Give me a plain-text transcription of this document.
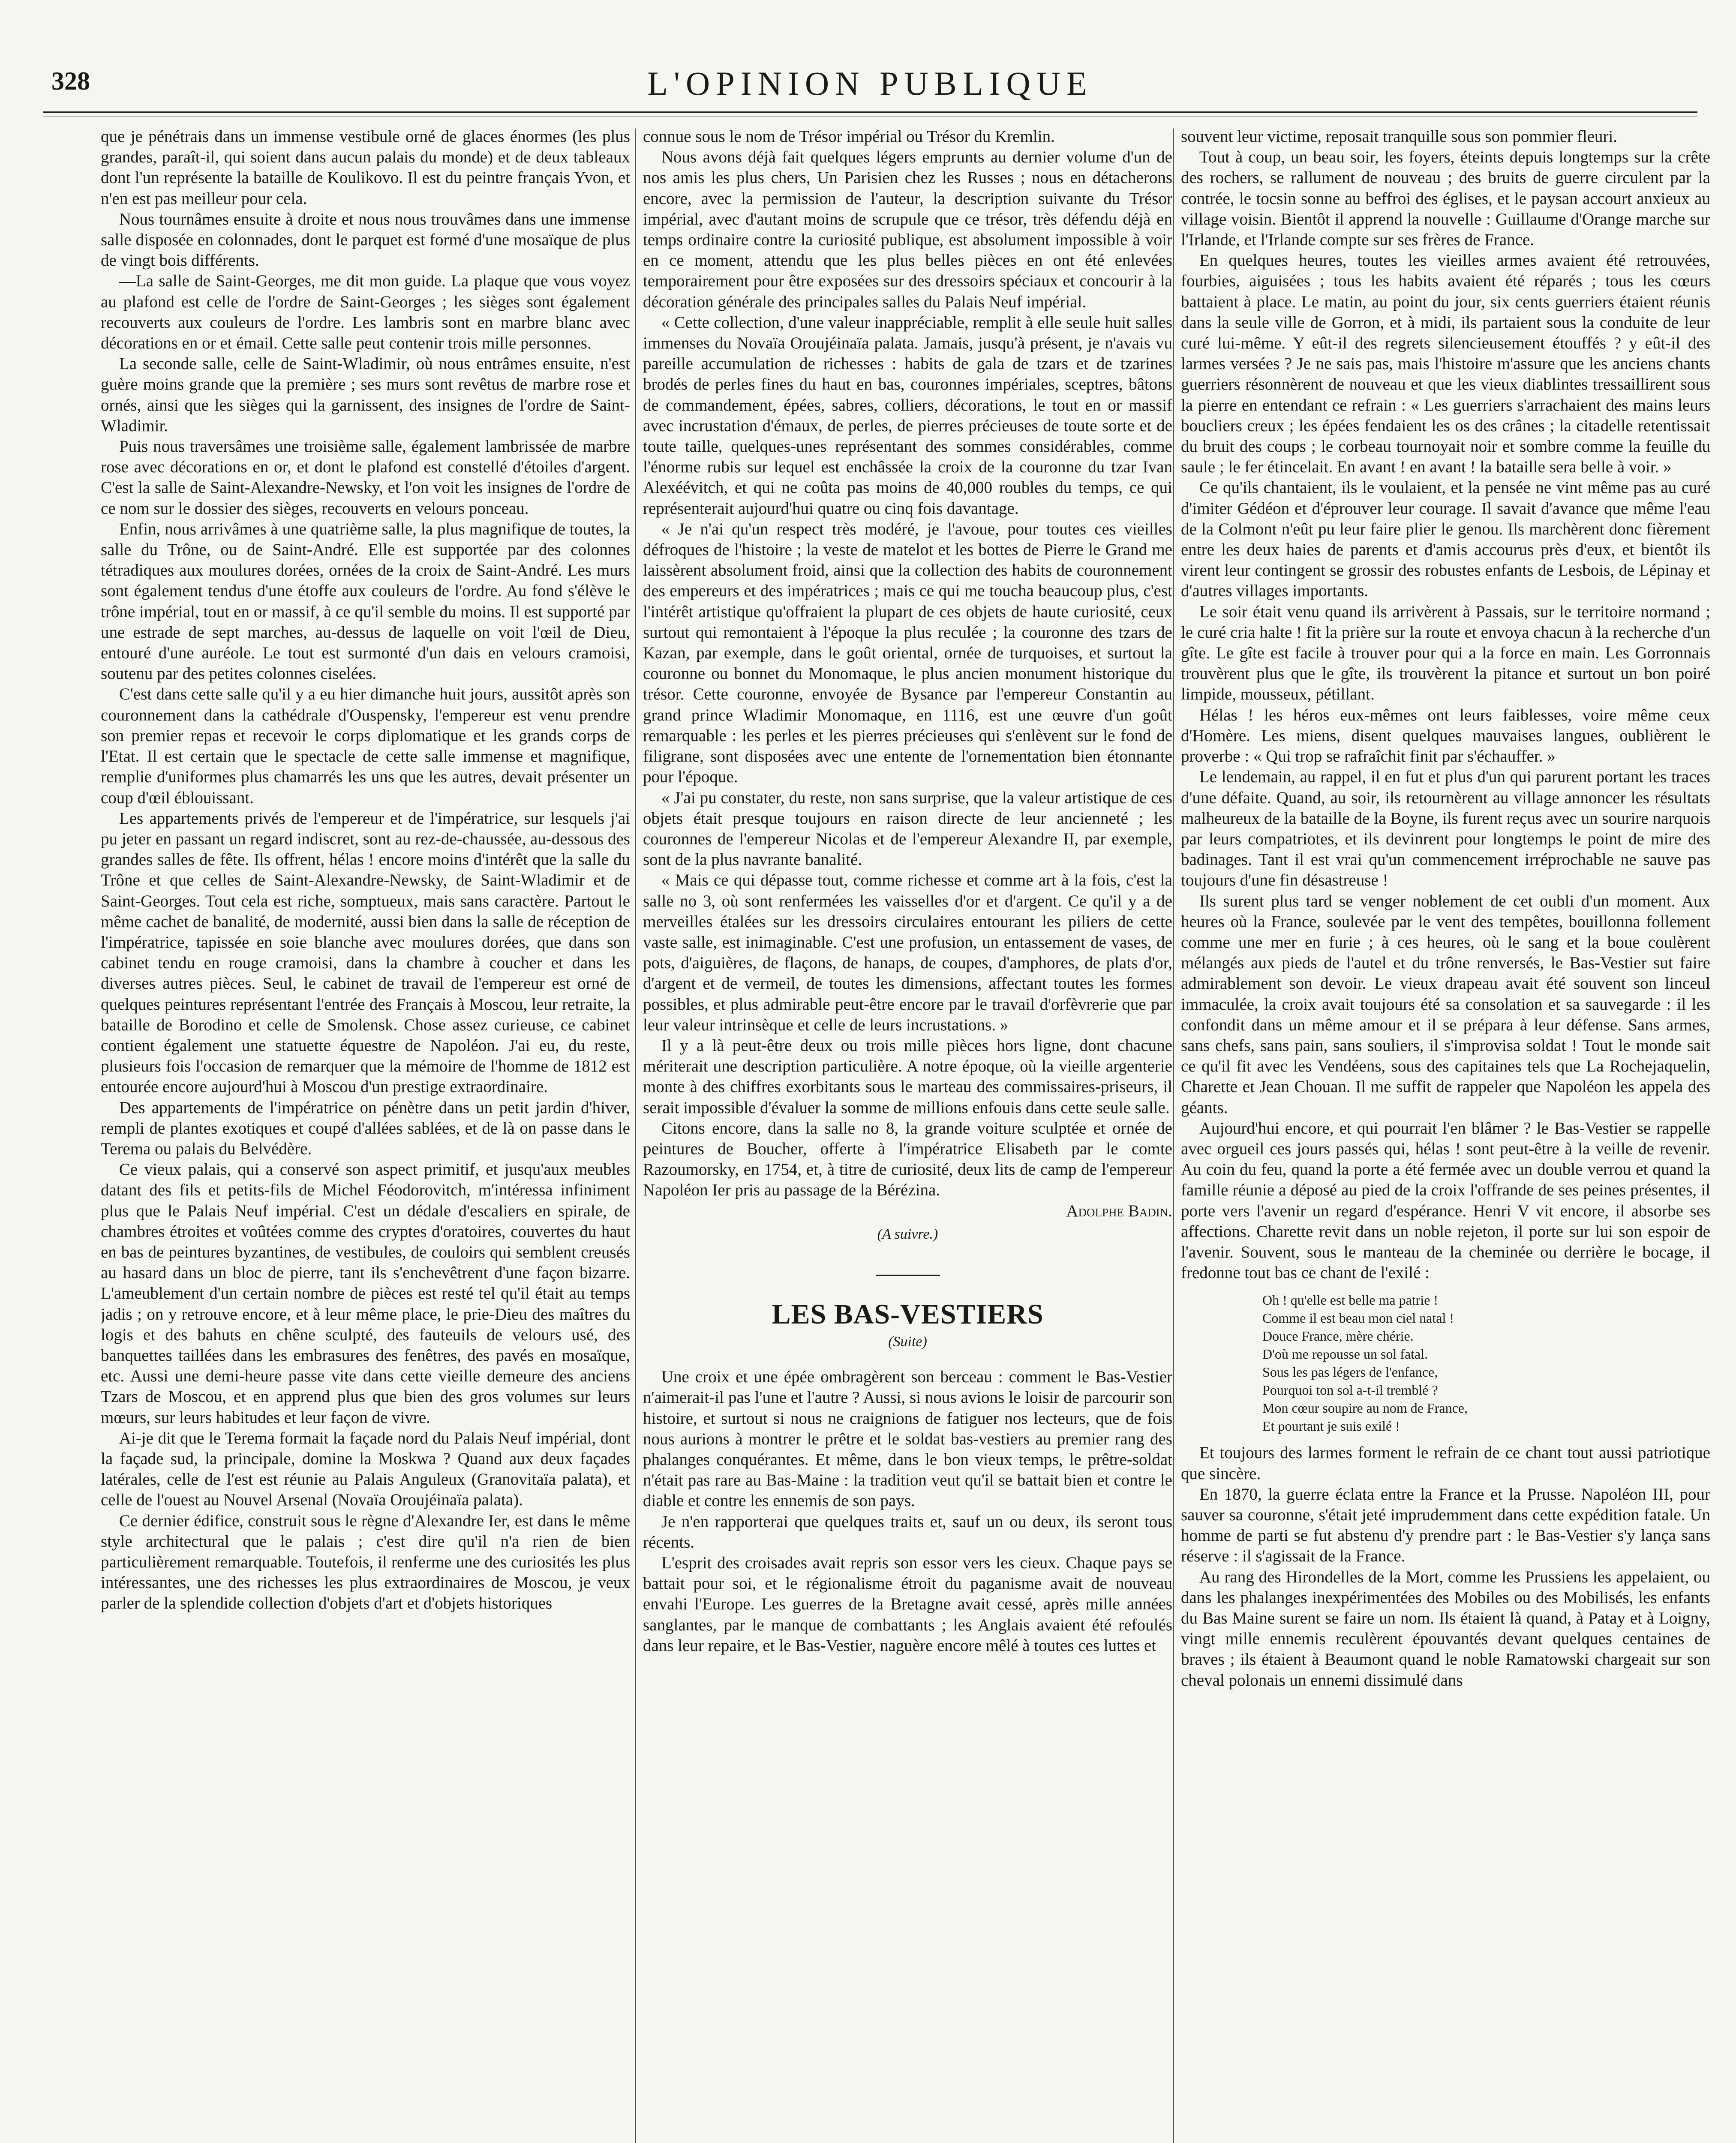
328	L'OPINION PUBLIQUE

que je pénétrais dans un immense vestibule orné de glaces énormes (les plus grandes, paraît-il, qui soient dans aucun palais du monde) et de deux tableaux dont l'un représente la bataille de Koulikovo. Il est du peintre français Yvon, et n'en est pas meilleur pour cela.

Nous tournâmes ensuite à droite et nous nous trouvâmes dans une immense salle disposée en colonnades, dont le parquet est formé d'une mosaïque de plus de vingt bois différents.

—La salle de Saint-Georges, me dit mon guide. La plaque que vous voyez au plafond est celle de l'ordre de Saint-Georges ; les sièges sont également recouverts aux couleurs de l'ordre. Les lambris sont en marbre blanc avec décorations en or et émail. Cette salle peut contenir trois mille personnes.

La seconde salle, celle de Saint-Wladimir, où nous entrâmes ensuite, n'est guère moins grande que la première ; ses murs sont revêtus de marbre rose et ornés, ainsi que les sièges qui la garnissent, des insignes de l'ordre de Saint-Wladimir.

Puis nous traversâmes une troisième salle, également lambrissée de marbre rose avec décorations en or, et dont le plafond est constellé d'étoiles d'argent. C'est la salle de Saint-Alexandre-Newsky, et l'on voit les insignes de l'ordre de ce nom sur le dossier des sièges, recouverts en velours ponceau.

Enfin, nous arrivâmes à une quatrième salle, la plus magnifique de toutes, la salle du Trône, ou de Saint-André. Elle est supportée par des colonnes tétradiques aux moulures dorées, ornées de la croix de Saint-André. Les murs sont également tendus d'une étoffe aux couleurs de l'ordre. Au fond s'élève le trône impérial, tout en or massif, à ce qu'il semble du moins. Il est supporté par une estrade de sept marches, au-dessus de laquelle on voit l'œil de Dieu, entouré d'une auréole. Le tout est surmonté d'un dais en velours cramoisi, soutenu par des petites colonnes ciselées.

C'est dans cette salle qu'il y a eu hier dimanche huit jours, aussitôt après son couronnement dans la cathédrale d'Ouspensky, l'empereur est venu prendre son premier repas et recevoir le corps diplomatique et les grands corps de l'Etat. Il est certain que le spectacle de cette salle immense et magnifique, remplie d'uniformes plus chamarrés les uns que les autres, devait présenter un coup d'œil éblouissant.

Les appartements privés de l'empereur et de l'impératrice, sur lesquels j'ai pu jeter en passant un regard indiscret, sont au rez-de-chaussée, au-dessous des grandes salles de fête. Ils offrent, hélas ! encore moins d'intérêt que la salle du Trône et que celles de Saint-Alexandre-Newsky, de Saint-Wladimir et de Saint-Georges. Tout cela est riche, somptueux, mais sans caractère. Partout le même cachet de banalité, de modernité, aussi bien dans la salle de réception de l'impératrice, tapissée en soie blanche avec moulures dorées, que dans son cabinet tendu en rouge cramoisi, dans la chambre à coucher et dans les diverses autres pièces. Seul, le cabinet de travail de l'empereur est orné de quelques peintures représentant l'entrée des Français à Moscou, leur retraite, la bataille de Borodino et celle de Smolensk. Chose assez curieuse, ce cabinet contient également une statuette équestre de Napoléon. J'ai eu, du reste, plusieurs fois l'occasion de remarquer que la mémoire de l'homme de 1812 est entourée encore aujourd'hui à Moscou d'un prestige extraordinaire.

Des appartements de l'impératrice on pénètre dans un petit jardin d'hiver, rempli de plantes exotiques et coupé d'allées sablées, et de là on passe dans le Terema ou palais du Belvédère.

Ce vieux palais, qui a conservé son aspect primitif, et jusqu'aux meubles datant des fils et petits-fils de Michel Féodorovitch, m'intéressa infiniment plus que le Palais Neuf impérial. C'est un dédale d'escaliers en spirale, de chambres étroites et voûtées comme des cryptes d'oratoires, couvertes du haut en bas de peintures byzantines, de vestibules, de couloirs qui semblent creusés au hasard dans un bloc de pierre, tant ils s'enchevêtrent d'une façon bizarre. L'ameublement d'un certain nombre de pièces est resté tel qu'il était au temps jadis ; on y retrouve encore, et à leur même place, le prie-Dieu des maîtres du logis et des bahuts en chêne sculpté, des fauteuils de velours usé, des banquettes taillées dans les embrasures des fenêtres, des pavés en mosaïque, etc. Aussi une demi-heure passe vite dans cette vieille demeure des anciens Tzars de Moscou, et en apprend plus que bien des gros volumes sur leurs mœurs, sur leurs habitudes et leur façon de vivre.

Ai-je dit que le Terema formait la façade nord du Palais Neuf impérial, dont la façade sud, la principale, domine la Moskwa ? Quand aux deux façades latérales, celle de l'est est réunie au Palais Anguleux (Granovitaïa palata), et celle de l'ouest au Nouvel Arsenal (Novaïa Oroujéinaïa palata).

Ce dernier édifice, construit sous le règne d'Alexandre Ier, est dans le même style architectural que le palais ; c'est dire qu'il n'a rien de bien particulièrement remarquable. Toutefois, il renferme une des curiosités les plus intéressantes, une des richesses les plus extraordinaires de Moscou, je veux parler de la splendide collection d'objets d'art et d'objets historiques

connue sous le nom de Trésor impérial ou Trésor du Kremlin.

Nous avons déjà fait quelques légers emprunts au dernier volume d'un de nos amis les plus chers, Un Parisien chez les Russes ; nous en détacherons encore, avec la permission de l'auteur, la description suivante du Trésor impérial, avec d'autant moins de scrupule que ce trésor, très défendu déjà en temps ordinaire contre la curiosité publique, est absolument impossible à voir en ce moment, attendu que les plus belles pièces en ont été enlevées temporairement pour être exposées sur des dressoirs spéciaux et concourir à la décoration générale des principales salles du Palais Neuf impérial.

« Cette collection, d'une valeur inappréciable, remplit à elle seule huit salles immenses du Novaïa Oroujéinaïa palata. Jamais, jusqu'à présent, je n'avais vu pareille accumulation de richesses : habits de gala de tzars et de tzarines brodés de perles fines du haut en bas, couronnes impériales, sceptres, bâtons de commandement, épées, sabres, colliers, décorations, le tout en or massif avec incrustation d'émaux, de perles, de pierres précieuses de toute sorte et de toute taille, quelques-unes représentant des sommes considérables, comme l'énorme rubis sur lequel est enchâssée la croix de la couronne du tzar Ivan Alexéévitch, et qui ne coûta pas moins de 40,000 roubles du temps, ce qui représenterait aujourd'hui quatre ou cinq fois davantage.

« Je n'ai qu'un respect très modéré, je l'avoue, pour toutes ces vieilles défroques de l'histoire ; la veste de matelot et les bottes de Pierre le Grand me laissèrent absolument froid, ainsi que la collection des habits de couronnement des empereurs et des impératrices ; mais ce qui me toucha beaucoup plus, c'est l'intérêt artistique qu'offraient la plupart de ces objets de haute curiosité, ceux surtout qui remontaient à l'époque la plus reculée ; la couronne des tzars de Kazan, par exemple, dans le goût oriental, ornée de turquoises, et surtout la couronne ou bonnet du Monomaque, le plus ancien monument historique du trésor. Cette couronne, envoyée de Bysance par l'empereur Constantin au grand prince Wladimir Monomaque, en 1116, est une œuvre d'un goût remarquable : les perles et les pierres précieuses qui s'enlèvent sur le fond de filigrane, sont disposées avec une entente de l'ornementation bien étonnante pour l'époque.

« J'ai pu constater, du reste, non sans surprise, que la valeur artistique de ces objets était presque toujours en raison directe de leur ancienneté ; les couronnes de l'empereur Nicolas et de l'empereur Alexandre II, par exemple, sont de la plus navrante banalité.

« Mais ce qui dépasse tout, comme richesse et comme art à la fois, c'est la salle no 3, où sont renfermées les vaisselles d'or et d'argent. Ce qu'il y a de merveilles étalées sur les dressoirs circulaires entourant les piliers de cette vaste salle, est inimaginable. C'est une profusion, un entassement de vases, de pots, d'aiguières, de flaçons, de hanaps, de coupes, d'amphores, de plats d'or, d'argent et de vermeil, de toutes les dimensions, affectant toutes les formes possibles, et plus admirable peut-être encore par le travail d'orfèvrerie que par leur valeur intrinsèque et celle de leurs incrustations. »

Il y a là peut-être deux ou trois mille pièces hors ligne, dont chacune mériterait une description particulière. A notre époque, où la vieille argenterie monte à des chiffres exorbitants sous le marteau des commissaires-priseurs, il serait impossible d'évaluer la somme de millions enfouis dans cette seule salle.

Citons encore, dans la salle no 8, la grande voiture sculptée et ornée de peintures de Boucher, offerte à l'impératrice Elisabeth par le comte Razoumorsky, en 1754, et, à titre de curiosité, deux lits de camp de l'empereur Napoléon Ier pris au passage de la Bérézina.

Adolphe Badin.

(A suivre.)
LES BAS-VESTIERS
(Suite)

Une croix et une épée ombragèrent son berceau : comment le Bas-Vestier n'aimerait-il pas l'une et l'autre ? Aussi, si nous avions le loisir de parcourir son histoire, et surtout si nous ne craignions de fatiguer nos lecteurs, que de fois nous aurions à montrer le prêtre et le soldat bas-vestiers au premier rang des phalanges conquérantes. Et même, dans le bon vieux temps, le prêtre-soldat n'était pas rare au Bas-Maine : la tradition veut qu'il se battait bien et contre le diable et contre les ennemis de son pays.

Je n'en rapporterai que quelques traits et, sauf un ou deux, ils seront tous récents.

L'esprit des croisades avait repris son essor vers les cieux. Chaque pays se battait pour soi, et le régionalisme étroit du paganisme avait de nouveau envahi l'Europe. Les guerres de la Bretagne avait cessé, après mille années sanglantes, par le manque de combattants ; les Anglais avaient été refoulés dans leur repaire, et le Bas-Vestier, naguère encore mêlé à toutes ces luttes et

souvent leur victime, reposait tranquille sous son pommier fleuri.

Tout à coup, un beau soir, les foyers, éteints depuis longtemps sur la crête des rochers, se rallument de nouveau ; des bruits de guerre circulent par la contrée, le tocsin sonne au beffroi des églises, et le paysan accourt anxieux au village voisin. Bientôt il apprend la nouvelle : Guillaume d'Orange marche sur l'Irlande, et l'Irlande compte sur ses frères de France.

En quelques heures, toutes les vieilles armes avaient été retrouvées, fourbies, aiguisées ; tous les habits avaient été réparés ; tous les cœurs battaient à place. Le matin, au point du jour, six cents guerriers étaient réunis dans la seule ville de Gorron, et à midi, ils partaient sous la conduite de leur curé lui-même. Y eût-il des regrets silencieusement étouffés ? y eût-il des larmes versées ? Je ne sais pas, mais l'histoire m'assure que les anciens chants guerriers résonnèrent de nouveau et que les vieux diablintes tressaillirent sous la pierre en entendant ce refrain : « Les guerriers s'arrachaient des mains leurs boucliers creux ; les épées fendaient les os des crânes ; la citadelle retentissait du bruit des coups ; le corbeau tournoyait noir et sombre comme la feuille du saule ; le fer étincelait. En avant ! en avant ! la bataille sera belle à voir. »

Ce qu'ils chantaient, ils le voulaient, et la pensée ne vint même pas au curé d'imiter Gédéon et d'éprouver leur courage. Il savait d'avance que même l'eau de la Colmont n'eût pu leur faire plier le genou. Ils marchèrent donc fièrement entre les deux haies de parents et d'amis accourus près d'eux, et bientôt ils virent leur contingent se grossir des robustes enfants de Lesbois, de Lépinay et d'autres villages importants.

Le soir était venu quand ils arrivèrent à Passais, sur le territoire normand ; le curé cria halte ! fit la prière sur la route et envoya chacun à la recherche d'un gîte. Le gîte est facile à trouver pour qui a la force en main. Les Gorronnais trouvèrent plus que le gîte, ils trouvèrent la pitance et surtout un bon poiré limpide, mousseux, pétillant.

Hélas ! les héros eux-mêmes ont leurs faiblesses, voire même ceux d'Homère. Les miens, disent quelques mauvaises langues, oublièrent le proverbe : « Qui trop se rafraîchit finit par s'échauffer. »

Le lendemain, au rappel, il en fut et plus d'un qui parurent portant les traces d'une défaite. Quand, au soir, ils retournèrent au village annoncer les résultats malheureux de la bataille de la Boyne, ils furent reçus avec un sourire narquois par leurs compatriotes, et ils devinrent pour longtemps le point de mire des badinages. Tant il est vrai qu'un commencement irréprochable ne sauve pas toujours d'une fin désastreuse !

Ils surent plus tard se venger noblement de cet oubli d'un moment. Aux heures où la France, soulevée par le vent des tempêtes, bouillonna follement comme une mer en furie ; à ces heures, où le sang et la boue coulèrent mélangés aux pieds de l'autel et du trône renversés, le Bas-Vestier sut faire admirablement son devoir. Le vieux drapeau avait été souvent son linceul immaculée, la croix avait toujours été sa consolation et sa sauvegarde : il les confondit dans un même amour et il se prépara à leur défense. Sans armes, sans chefs, sans pain, sans souliers, il s'improvisa soldat ! Tout le monde sait ce qu'il fit avec les Vendéens, sous des capitaines tels que La Rochejaquelin, Charette et Jean Chouan. Il me suffit de rappeler que Napoléon les appela des géants.

Aujourd'hui encore, et qui pourrait l'en blâmer ? le Bas-Vestier se rappelle avec orgueil ces jours passés qui, hélas ! sont peut-être à la veille de revenir. Au coin du feu, quand la porte a été fermée avec un double verrou et quand la famille réunie a déposé au pied de la croix l'offrande de ses peines présentes, il porte vers l'avenir un regard d'espérance. Henri V vit encore, il absorbe ses affections. Charette revit dans un noble rejeton, il porte sur lui son espoir de l'avenir. Souvent, sous le manteau de la cheminée ou derrière le bocage, il fredonne tout bas ce chant de l'exilé :

Oh ! qu'elle est belle ma patrie !
Comme il est beau mon ciel natal !
Douce France, mère chérie.
D'où me repousse un sol fatal.
Sous les pas légers de l'enfance,
Pourquoi ton sol a-t-il tremblé ?
Mon cœur soupire au nom de France,
Et pourtant je suis exilé !

Et toujours des larmes forment le refrain de ce chant tout aussi patriotique que sincère.

En 1870, la guerre éclata entre la France et la Prusse. Napoléon III, pour sauver sa couronne, s'était jeté imprudemment dans cette expédition fatale. Un homme de parti se fut abstenu d'y prendre part : le Bas-Vestier s'y lança sans réserve : il s'agissait de la France.

Au rang des Hirondelles de la Mort, comme les Prussiens les appelaient, ou dans les phalanges inexpérimentées des Mobiles ou des Mobilisés, les enfants du Bas Maine surent se faire un nom. Ils étaient là quand, à Patay et à Loigny, vingt mille ennemis reculèrent épouvantés devant quelques centaines de braves ; ils étaient à Beaumont quand le noble Ramatowski chargeait sur son cheval polonais un ennemi dissimulé dans
